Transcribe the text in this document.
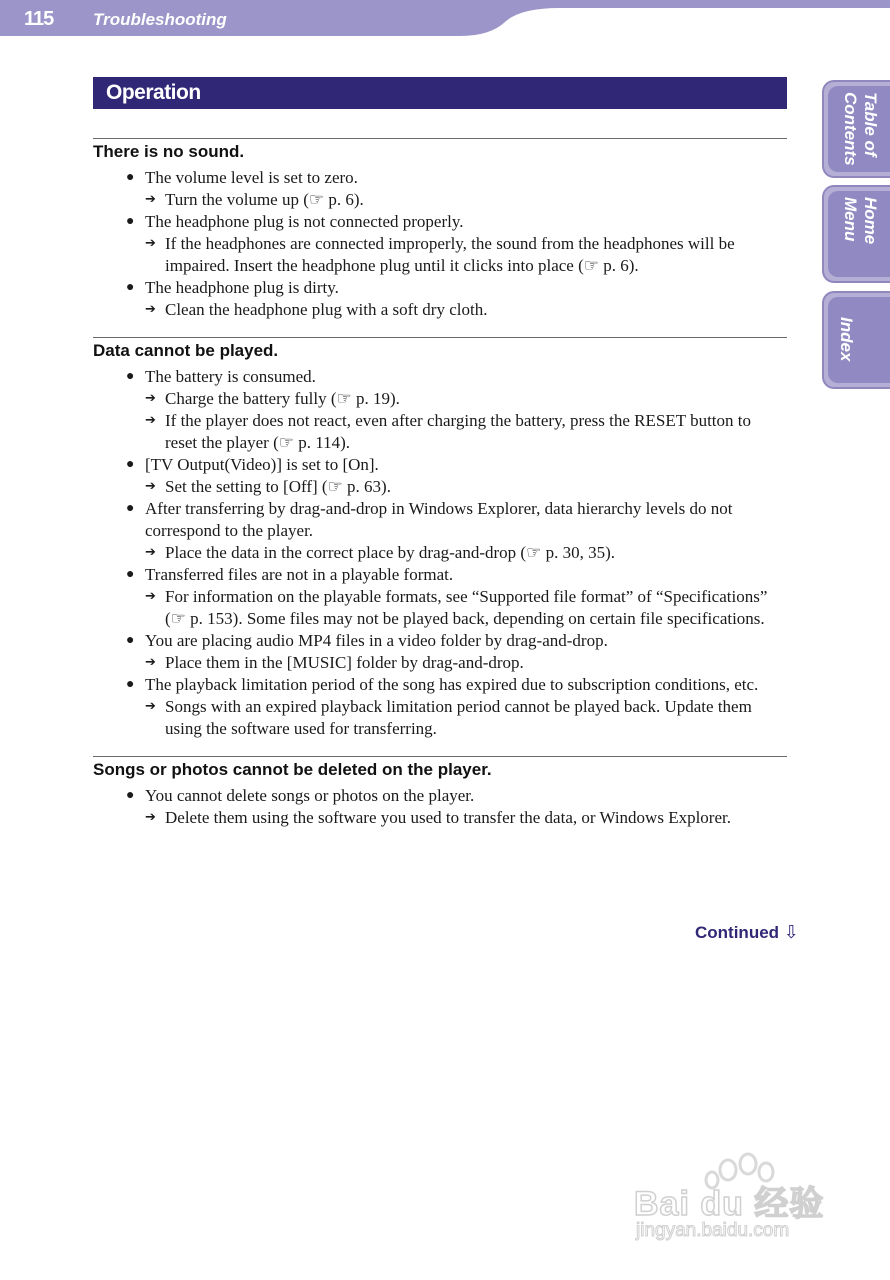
115 Troubleshooting
Table of Contents
Home Menu
Index
Operation
There is no sound.
● The volume level is set to zero.
➔ Turn the volume up (☞ p. 6).
● The headphone plug is not connected properly.
➔ If the headphones are connected improperly, the sound from the headphones will be impaired. Insert the headphone plug until it clicks into place (☞ p. 6).
● The headphone plug is dirty.
➔ Clean the headphone plug with a soft dry cloth.
Data cannot be played.
● The battery is consumed.
➔ Charge the battery fully (☞ p. 19).
➔ If the player does not react, even after charging the battery, press the RESET button to reset the player (☞ p. 114).
● [TV Output(Video)] is set to [On].
➔ Set the setting to [Off] (☞ p. 63).
● After transferring by drag-and-drop in Windows Explorer, data hierarchy levels do not correspond to the player.
➔ Place the data in the correct place by drag-and-drop (☞ p. 30, 35).
● Transferred files are not in a playable format.
➔ For information on the playable formats, see “Supported file format” of “Specifications” (☞ p. 153). Some files may not be played back, depending on certain file specifications.
● You are placing audio MP4 files in a video folder by drag-and-drop.
➔ Place them in the [MUSIC] folder by drag-and-drop.
● The playback limitation period of the song has expired due to subscription conditions, etc.
➔ Songs with an expired playback limitation period cannot be played back. Update them using the software used for transferring.
Songs or photos cannot be deleted on the player.
● You cannot delete songs or photos on the player.
➔ Delete them using the software you used to transfer the data, or Windows Explorer.
Continued ⇩
Bai du 经验
jingyan.baidu.com
